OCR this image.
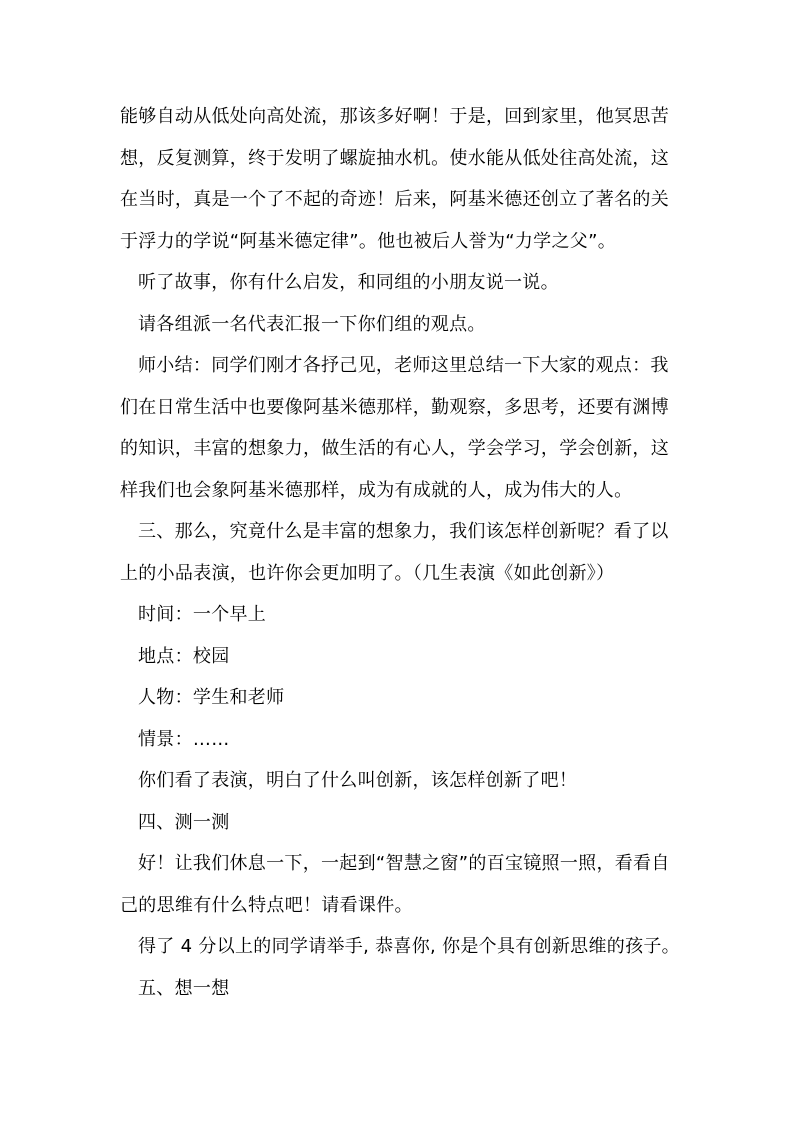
能够自动从低处向高处流，那该多好啊！于是，回到家里，他冥思苦
想，反复测算，终于发明了螺旋抽水机。使水能从低处往高处流，这
在当时，真是一个了不起的奇迹！后来，阿基米德还创立了著名的关
于浮力的学说“阿基米德定律”。他也被后人誉为“力学之父”。
听了故事，你有什么启发，和同组的小朋友说一说。
请各组派一名代表汇报一下你们组的观点。
师小结：同学们刚才各抒己见，老师这里总结一下大家的观点：我
们在日常生活中也要像阿基米德那样，勤观察，多思考，还要有渊博
的知识，丰富的想象力，做生活的有心人，学会学习，学会创新，这
样我们也会象阿基米德那样，成为有成就的人，成为伟大的人。
三、那么，究竟什么是丰富的想象力，我们该怎样创新呢？看了以
上的小品表演，也许你会更加明了。（几生表演《如此创新》）
时间：一个早上
地点：校园
人物：学生和老师
情景：……
你们看了表演，明白了什么叫创新，该怎样创新了吧！
四、测一测
好！让我们休息一下，一起到“智慧之窗”的百宝镜照一照，看看自
己的思维有什么特点吧！请看课件。
得了 4 分以上的同学请举手, 恭喜你, 你是个具有创新思维的孩子。
五、想一想
